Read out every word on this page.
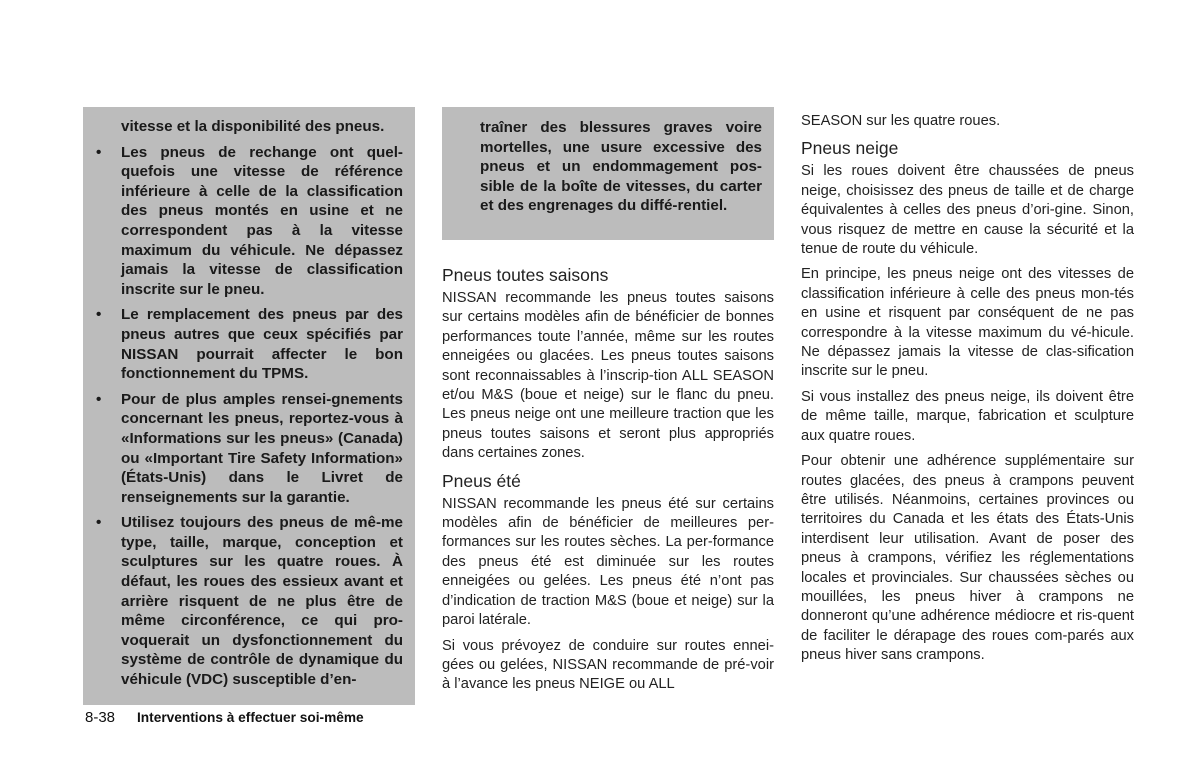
vitesse et la disponibilité des pneus.

• Les pneus de rechange ont quel-quefois une vitesse de référence inférieure à celle de la classification des pneus montés en usine et ne correspondent pas à la vitesse maximum du véhicule. Ne dépassez jamais la vitesse de classification inscrite sur le pneu.
• Le remplacement des pneus par des pneus autres que ceux spécifiés par NISSAN pourrait affecter le bon fonctionnement du TPMS.
• Pour de plus amples rensei-gnements concernant les pneus, reportez-vous à «Informations sur les pneus» (Canada) ou «Important Tire Safety Information» (États-Unis) dans le Livret de renseignements sur la garantie.
• Utilisez toujours des pneus de mê-me type, taille, marque, conception et sculptures sur les quatre roues. À défaut, les roues des essieux avant et arrière risquent de ne plus être de même circonférence, ce qui pro-voquerait un dysfonctionnement du système de contrôle de dynamique du véhicule (VDC) susceptible d’en-

traîner des blessures graves voire mortelles, une usure excessive des pneus et un endommagement pos-sible de la boîte de vitesses, du carter et des engrenages du diffé-rentiel.

Pneus toutes saisons

NISSAN recommande les pneus toutes saisons sur certains modèles afin de bénéficier de bonnes performances toute l’année, même sur les routes enneigées ou glacées. Les pneus toutes saisons sont reconnaissables à l’inscrip-tion ALL SEASON et/ou M&S (boue et neige) sur le flanc du pneu. Les pneus neige ont une meilleure traction que les pneus toutes saisons et seront plus appropriés dans certaines zones.

Pneus été

NISSAN recommande les pneus été sur certains modèles afin de bénéficier de meilleures per-formances sur les routes sèches. La per-formance des pneus été est diminuée sur les routes enneigées ou gelées. Les pneus été n’ont pas d’indication de traction M&S (boue et neige) sur la paroi latérale.

Si vous prévoyez de conduire sur routes ennei-gées ou gelées, NISSAN recommande de pré-voir à l’avance les pneus NEIGE ou ALL

SEASON sur les quatre roues.

Pneus neige

Si les roues doivent être chaussées de pneus neige, choisissez des pneus de taille et de charge équivalentes à celles des pneus d’ori-gine. Sinon, vous risquez de mettre en cause la sécurité et la tenue de route du véhicule.

En principe, les pneus neige ont des vitesses de classification inférieure à celle des pneus mon-tés en usine et risquent par conséquent de ne pas correspondre à la vitesse maximum du vé-hicule. Ne dépassez jamais la vitesse de clas-sification inscrite sur le pneu.

Si vous installez des pneus neige, ils doivent être de même taille, marque, fabrication et sculpture aux quatre roues.

Pour obtenir une adhérence supplémentaire sur routes glacées, des pneus à crampons peuvent être utilisés. Néanmoins, certaines provinces ou territoires du Canada et les états des États-Unis interdisent leur utilisation. Avant de poser des pneus à crampons, vérifiez les réglementations locales et provinciales. Sur chaussées sèches ou mouillées, les pneus hiver à crampons ne donneront qu’une adhérence médiocre et ris-quent de faciliter le dérapage des roues com-parés aux pneus hiver sans crampons.

8-38 Interventions à effectuer soi-même
